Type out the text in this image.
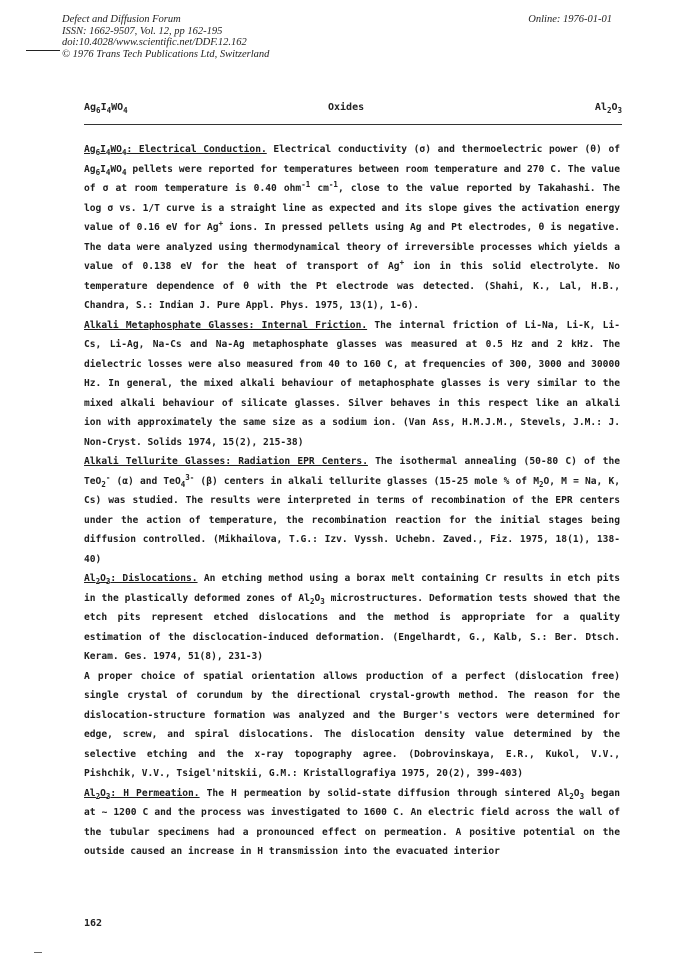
Defect and Diffusion Forum
ISSN: 1662-9507, Vol. 12, pp 162-195
doi:10.4028/www.scientific.net/DDF.12.162
© 1976 Trans Tech Publications Ltd, Switzerland
Online: 1976-01-01
$Ag_6I_4WO_4$	Oxides	$Al_2O_3$

$Ag_6I_4WO_4$: Electrical Conduction. Electrical conductivity (σ) and thermoelectric power (θ) of $Ag_6I_4WO_4$ pellets were reported for temperatures between room temperature and 270 C. The value of σ at room temperature is 0.40 ohm$^{-1}$ $cm^{-1}$, close to the value reported by Takahashi. The log σ vs. 1/T curve is a straight line as expected and its slope gives the activation energy value of 0.16 eV for Ag+ ions. In pressed pellets using Ag and Pt electrodes, θ is negative. The data were analyzed using thermodynamical theory of irreversible processes which yields a value of 0.138 eV for the heat of transport of Ag+ ion in this solid electrolyte. No temperature dependence of θ with the Pt electrode was detected. (Shahi, K., Lal, H.B., Chandra, S.: Indian J. Pure Appl. Phys. 1975, 13(1), 1-6).

Alkali Metaphosphate Glasses: Internal Friction. The internal friction of Li-Na, Li-K, Li-Cs, Li-Ag, Na-Cs and Na-Ag metaphosphate glasses was measured at 0.5 Hz and 2 kHz. The dielectric losses were also measured from 40 to 160 C, at frequencies of 300, 3000 and 30000 Hz. In general, the mixed alkali behaviour of metaphosphate glasses is very similar to the mixed alkali behaviour of silicate glasses. Silver behaves in this respect like an alkali ion with approximately the same size as a sodium ion. (Van Ass, H.M.J.M., Stevels, J.M.: J. Non-Cryst. Solids 1974, 15(2), 215-38)

Alkali Tellurite Glasses: Radiation EPR Centers. The isothermal annealing (50-80 C) of the TeO$_2$- (α) and TeO$_4^{3-}$ (β) centers in alkali tellurite glasses (15-25 mole % of $M_2O$, M = Na, K, Cs) was studied. The results were interpreted in terms of recombination of the EPR centers under the action of temperature, the recombination reaction for the initial stages being diffusion controlled. (Mikhailova, T.G.: Izv. Vyssh. Uchebn. Zaved., Fiz. 1975, 18(1), 138-40)

$Al_2O_3$: Dislocations. An etching method using a borax melt containing Cr results in etch pits in the plastically deformed zones of $Al_2O_3$ microstructures. Deformation tests showed that the etch pits represent etched dislocations and the method is appropriate for a quality estimation of the disclocation-induced deformation. (Engelhardt, G., Kalb, S.: Ber. Dtsch. Keram. Ges. 1974, 51(8), 231-3)

A proper choice of spatial orientation allows production of a perfect (dislocation free) single crystal of corundum by the directional crystal-growth method. The reason for the dislocation-structure formation was analyzed and the Burger's vectors were determined for edge, screw, and spiral dislocations. The dislocation density value determined by the selective etching and the x-ray topography agree. (Dobrovinskaya, E.R., Kukol, V.V., Pishchik, V.V., Tsigel'nitskii, G.M.: Kristallografiya 1975, 20(2), 399-403)

$Al_2O_3$: H Permeation. The H permeation by solid-state diffusion through sintered $Al_2O_3$ began at ~ 1200 C and the process was investigated to 1600 C. An electric field across the wall of the tubular specimens had a pronounced effect on permeation. A positive potential on the outside caused an increase in H transmission into the evacuated interior

162
